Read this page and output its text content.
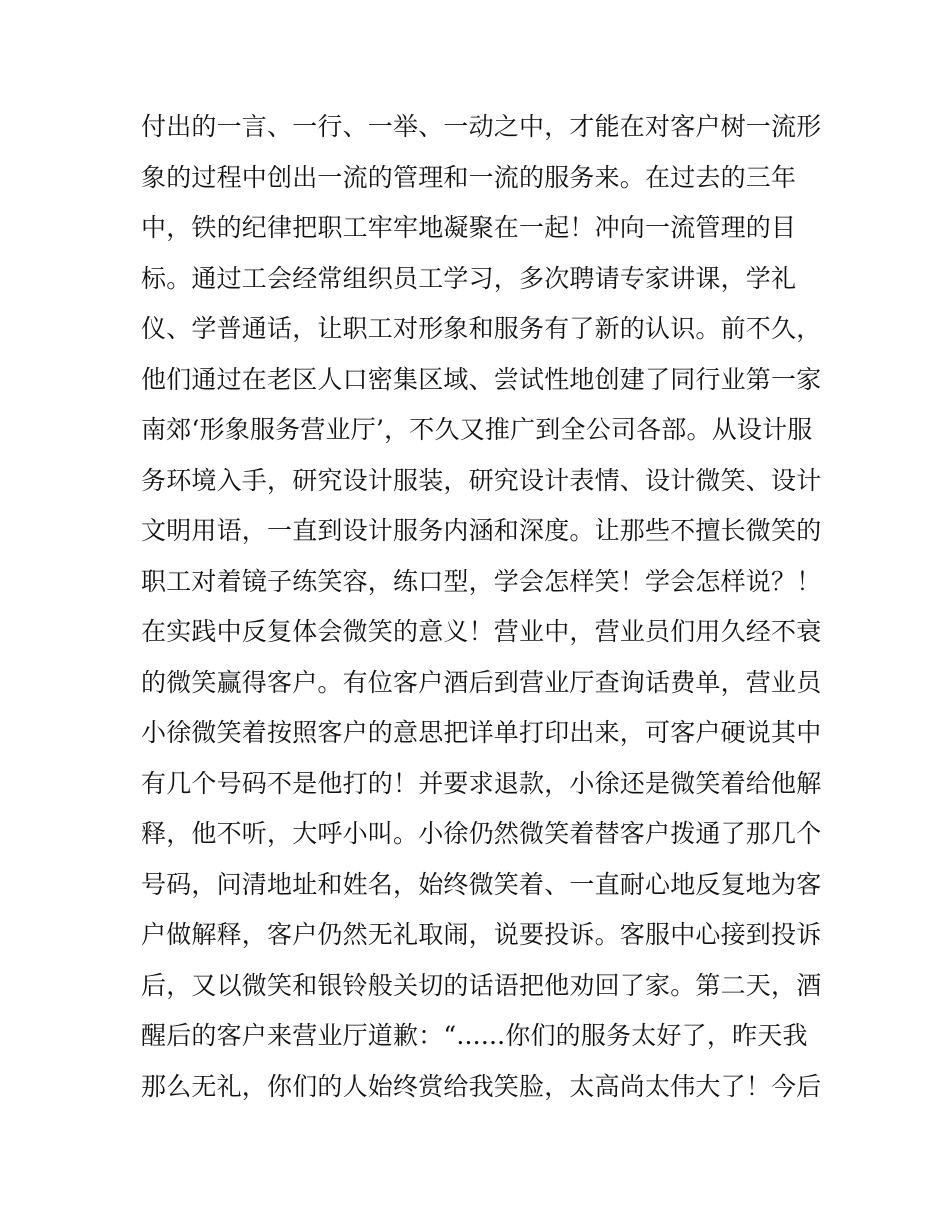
付出的一言、一行、一举、一动之中，才能在对客户树一流形
象的过程中创出一流的管理和一流的服务来。在过去的三年
中，铁的纪律把职工牢牢地凝聚在一起！冲向一流管理的目
标。通过工会经常组织员工学习，多次聘请专家讲课，学礼
仪、学普通话，让职工对形象和服务有了新的认识。前不久，
他们通过在老区人口密集区域、尝试性地创建了同行业第一家
南郊‘形象服务营业厅’，不久又推广到全公司各部。从设计服
务环境入手，研究设计服装，研究设计表情、设计微笑、设计
文明用语，一直到设计服务内涵和深度。让那些不擅长微笑的
职工对着镜子练笑容，练口型，学会怎样笑！学会怎样说？！
在实践中反复体会微笑的意义！营业中，营业员们用久经不衰
的微笑赢得客户。有位客户酒后到营业厅查询话费单，营业员
小徐微笑着按照客户的意思把详单打印出来，可客户硬说其中
有几个号码不是他打的！并要求退款，小徐还是微笑着给他解
释，他不听，大呼小叫。小徐仍然微笑着替客户拨通了那几个
号码，问清地址和姓名，始终微笑着、一直耐心地反复地为客
户做解释，客户仍然无礼取闹，说要投诉。客服中心接到投诉
后，又以微笑和银铃般关切的话语把他劝回了家。第二天，酒
醒后的客户来营业厅道歉：“......你们的服务太好了，昨天我
那么无礼，你们的人始终赏给我笑脸，太高尚太伟大了！今后
